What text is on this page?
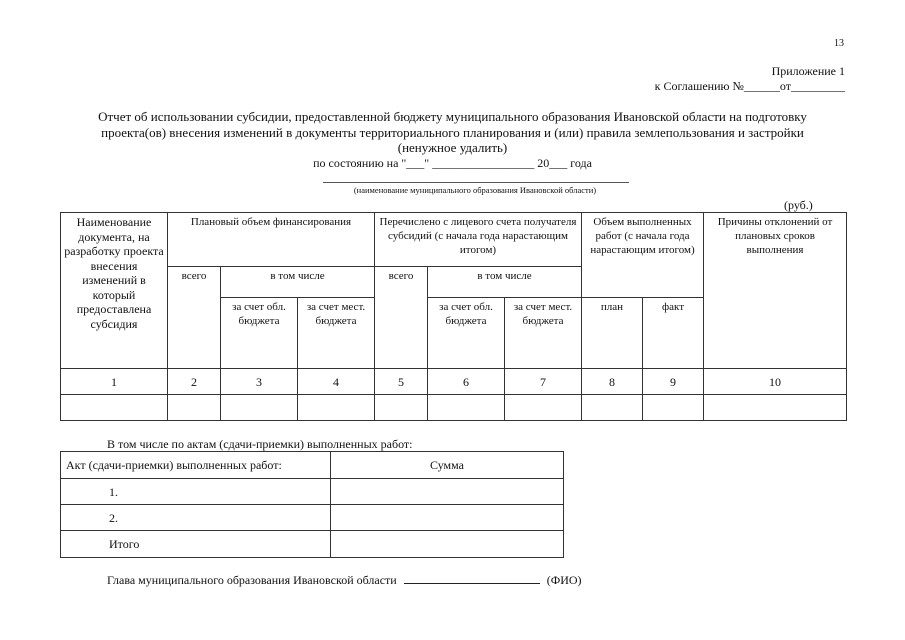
13
Приложение 1
к Соглашению №______от_________
Отчет об использовании субсидии, предоставленной бюджету муниципального образования Ивановской области на подготовку
проекта(ов) внесения изменений в документы территориального планирования и (или) правила землепользования и застройки
(ненужное удалить)
по состоянию на "___" _________________ 20___ года
(наименование муниципального образования Ивановской области)
(руб.)
Наименование документа, на разработку проекта внесения изменений в который предоставлена субсидия	Плановый объем финансирования			Перечислено с лицевого счета получателя субсидий (с начала года нарастающим итогом)			Объем выполненных работ (с начала года нарастающим итогом)		Причины отклонений от плановых сроков выполнения
	всего	в том числе		всего	в том числе				
		за счет обл. бюджета	за счет мест. бюджета		за счет обл. бюджета	за счет мест. бюджета	план	факт	
1	2	3	4	5	6	7	8	9	10

В том числе по актам (сдачи-приемки) выполненных работ:
Акт (сдачи-приемки) выполненных работ:	Сумма
1.	
2.	
Итого	
Глава муниципального образования Ивановской области	(ФИО)
